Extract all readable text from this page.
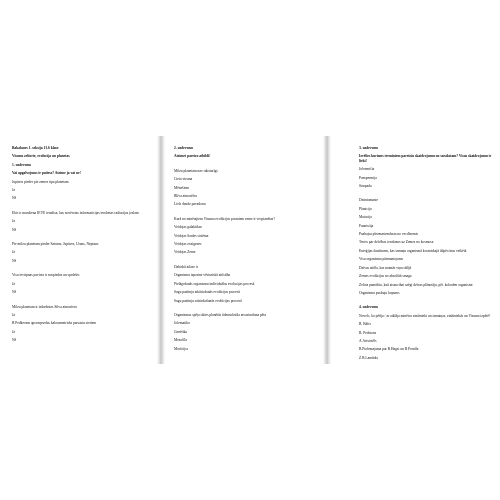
Bakalaurs 1. seksija 13.6 klase

Visums zeltorie, evolucija un planetas

1. uzdevums

Vai apgalvojums ir patiess? Atzime ja vai ne!

Jupiters pieder pie zemes tipa planetam

Ja

Nē

Ekis ir musdiena IEVE ieradisa, kas novērotas informaticijas ierobetas radiacijas joslam

Ja

Nē

Pie milzu planetam pieder Saturns, Jupiters, Urans, Neptuns

Ja

Nē

Visu ievirpnas pavirsa ir nospiedus un sprdeles

Ja

Nē

Milzu planetam ir izdarbotas Silva atmosfera

Ja

B Pedkeoms apsvarpsedas kalosametrisks parsastu sietiem

Ja

Nē

2. uzdevums

Atzimet pareizo atbildi!

Milzu planetam nav raksturīgs

Cieta virsma

Mēnešiem

Blīva atmosfēra

Liels daudz pavadonu

Kurā no minētajiem Visuma evolūcijas posmiem zeme ir vecpianētas?

Veidojas galaktikas

Veidojas Saules sistēma

Veidojas zvaigznes

Veidojas Zeme

Dabiskā atlase ir

Organismu izpratne vēsturiskā attīstība

Pielāgošanās organismu individuālas evolucijas procesā

Sugu pazīmju atkārtošanās evolūcijas procesā

Sugu pazīmju saīsinkošanās evolūcijas procesā

Organismus spēja sāties planētās ūdensoksīda atvasinošana pēta

Jolematika

Genētika

Mezofīla

Morfoijss

3. uzdevums

Izvēlies kurisms terminiem pareizās skaidrojumu no sarakstam? Visus skaidrojumu ir lieki!

Jolenerifia

Panspermija

Starpada

Dzimtamaste

Planicija

Mutacija

Faunistija

Paabajsu plezmastemlasta no vecdīzemis

Teoris par dzīvības ierašanos uz Zemes no kosmosa

Enerģijas daudzums, kas izmaņu organismā kosmiskajā tālpēc/atas veikētā

Visu organismu pārmantojums

Dzīvas attēla, kas mainās viņu sālījā

Zemes evolūcijas no absolūtā smaga

Zelota pamāfitu, kuā atsaucibai saēgi dzīvas plānotāju, pēt. kolonēm organismi

Organismu pusbuju kopums

4. uzdevums

Novelc, ko pētīja / ar atklāja minētos zinātnieki un izmaiņas, zinātniekās un Visuma izpētē!

B. Bāfrs

B. Pedrsons

A.Aristotēls

B.Ptolemajuma par B.Hagst un B.Pornīla

Z.B.Lamārks
